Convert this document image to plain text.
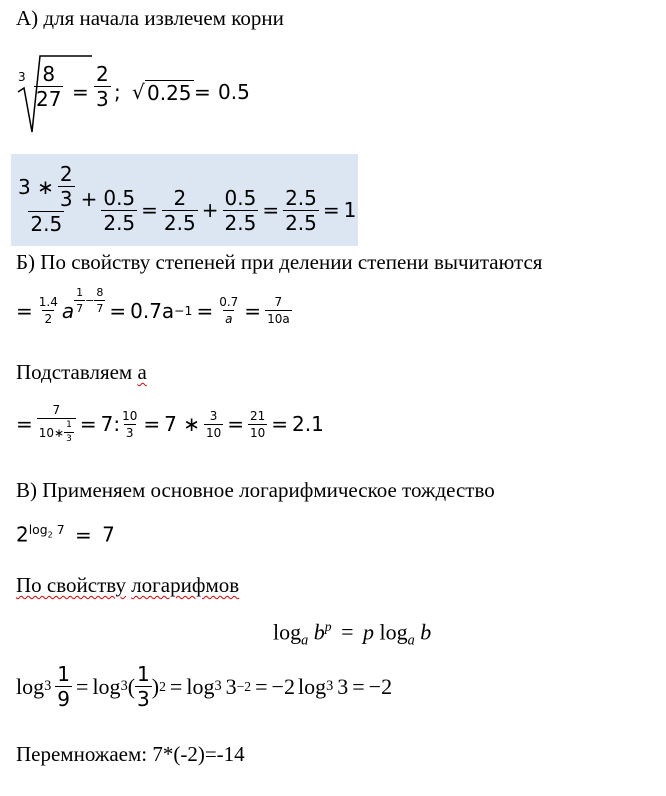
А) для начала извлечем корни
$3 \frac{8}{27} = \frac{2}{3}$ ; √ 0.25 = 0.5
$\frac{3 ∗ \frac{2}{3}}{2.5} + \frac{0.5}{2.5} = \frac{2}{2.5} + \frac{0.5}{2.5} = \frac{2.5}{2.5} = 1$
Б) По свойству степеней при делении степени вычитаются
= $\frac{1.4}{2}$ a $\frac{1}{7} - \frac{8}{7} = 0.7a -1 = \frac{0.7}{a} = \frac{7}{10a}$
Подставляем a
= $\frac{7}{10∗ \frac{1}{3}} = 7$: $\frac{10}{3} = 7$ ∗ $\frac{3}{10} = \frac{21}{10} = 2.1$
В) Применяем основное логарифмическое тождество
$2^{log_2 7} = 7$
По свойству логарифмов
$\log_a b^p = p$ $\log_a b$
$\log 3 \frac{1}{9} = \log 3$ ( $\frac{1}{3}$ ) 2 = log 3 3 −2 = −2 log 3 3 = −2
Перемножаем: 7*(-2)=-14
